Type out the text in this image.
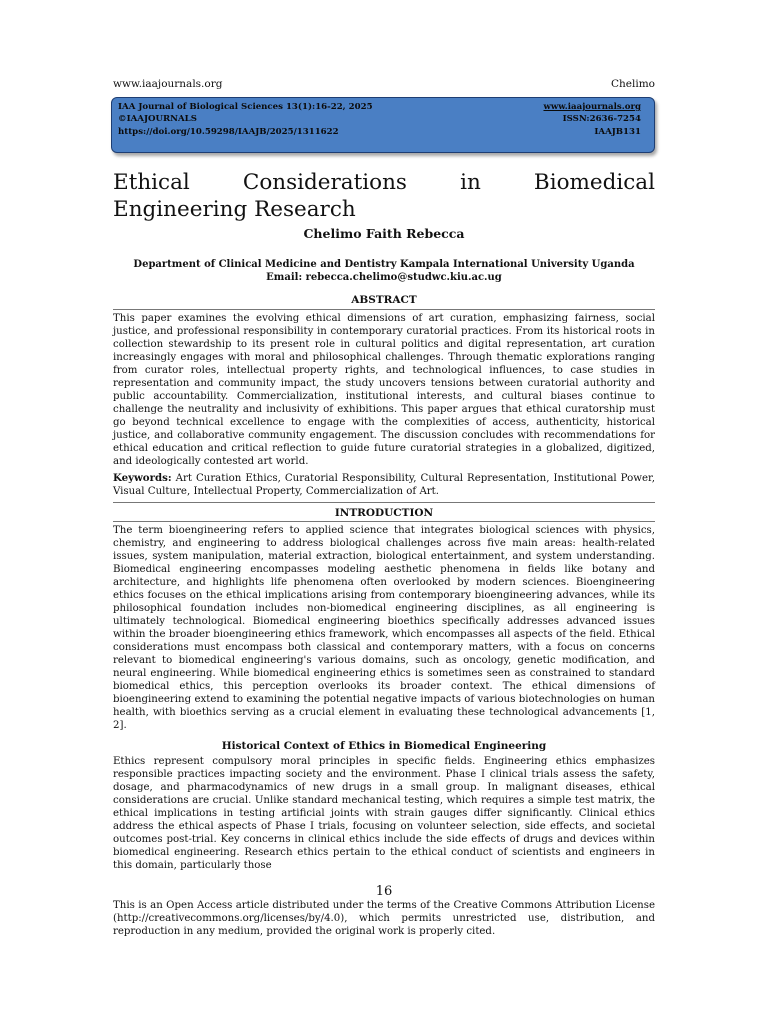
www.iaajournals.org	Chelimo
IAA Journal of Biological Sciences 13(1):16-22, 2025
©IAAJOURNALS
https://doi.org/10.59298/IAAJB/2025/1311622
www.iaajournals.org
ISSN:2636-7254
IAAJB131
Ethical Considerations in Biomedical Engineering Research
Chelimo Faith Rebecca
Department of Clinical Medicine and Dentistry Kampala International University Uganda
Email: rebecca.chelimo@studwc.kiu.ac.ug
ABSTRACT

This paper examines the evolving ethical dimensions of art curation, emphasizing fairness, social justice, and professional responsibility in contemporary curatorial practices. From its historical roots in collection stewardship to its present role in cultural politics and digital representation, art curation increasingly engages with moral and philosophical challenges. Through thematic explorations ranging from curator roles, intellectual property rights, and technological influences, to case studies in representation and community impact, the study uncovers tensions between curatorial authority and public accountability. Commercialization, institutional interests, and cultural biases continue to challenge the neutrality and inclusivity of exhibitions. This paper argues that ethical curatorship must go beyond technical excellence to engage with the complexities of access, authenticity, historical justice, and collaborative community engagement. The discussion concludes with recommendations for ethical education and critical reflection to guide future curatorial strategies in a globalized, digitized, and ideologically contested art world.

Keywords: Art Curation Ethics, Curatorial Responsibility, Cultural Representation, Institutional Power, Visual Culture, Intellectual Property, Commercialization of Art.

INTRODUCTION

The term bioengineering refers to applied science that integrates biological sciences with physics, chemistry, and engineering to address biological challenges across five main areas: health-related issues, system manipulation, material extraction, biological entertainment, and system understanding. Biomedical engineering encompasses modeling aesthetic phenomena in fields like botany and architecture, and highlights life phenomena often overlooked by modern sciences. Bioengineering ethics focuses on the ethical implications arising from contemporary bioengineering advances, while its philosophical foundation includes non-biomedical engineering disciplines, as all engineering is ultimately technological. Biomedical engineering bioethics specifically addresses advanced issues within the broader bioengineering ethics framework, which encompasses all aspects of the field. Ethical considerations must encompass both classical and contemporary matters, with a focus on concerns relevant to biomedical engineering's various domains, such as oncology, genetic modification, and neural engineering. While biomedical engineering ethics is sometimes seen as constrained to standard biomedical ethics, this perception overlooks its broader context. The ethical dimensions of bioengineering extend to examining the potential negative impacts of various biotechnologies on human health, with bioethics serving as a crucial element in evaluating these technological advancements [1, 2].

Historical Context of Ethics in Biomedical Engineering

Ethics represent compulsory moral principles in specific fields. Engineering ethics emphasizes responsible practices impacting society and the environment. Phase I clinical trials assess the safety, dosage, and pharmacodynamics of new drugs in a small group. In malignant diseases, ethical considerations are crucial. Unlike standard mechanical testing, which requires a simple test matrix, the ethical implications in testing artificial joints with strain gauges differ significantly. Clinical ethics address the ethical aspects of Phase I trials, focusing on volunteer selection, side effects, and societal outcomes post-trial. Key concerns in clinical ethics include the side effects of drugs and devices within biomedical engineering. Research ethics pertain to the ethical conduct of scientists and engineers in this domain, particularly those

16

This is an Open Access article distributed under the terms of the Creative Commons Attribution License (http://creativecommons.org/licenses/by/4.0), which permits unrestricted use, distribution, and reproduction in any medium, provided the original work is properly cited.
